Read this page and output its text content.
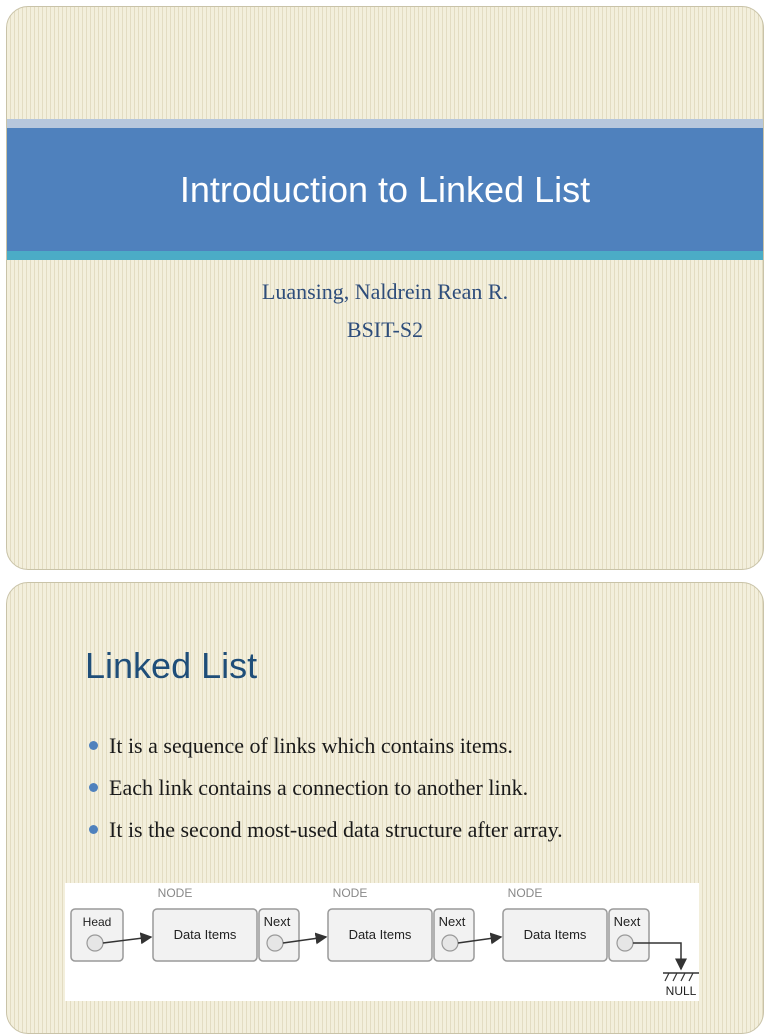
Introduction to Linked List
Luansing, Naldrein Rean R.
BSIT-S2
Linked List
It is a sequence of links which contains items.
Each link contains a connection to another link.
It is the second most-used data structure after array.
Head
NODE
Data Items
Next
NODE
Data Items
Next
NODE
Data Items
Next
NULL
